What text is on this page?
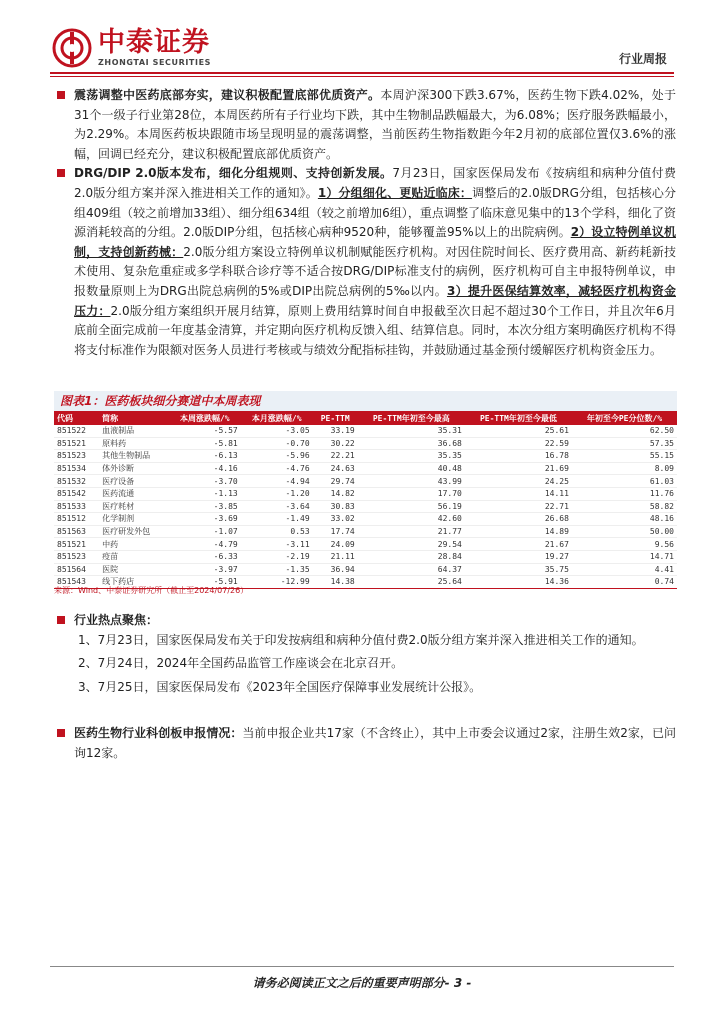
中泰证券
ZHONGTAI SECURITIES	行业周报

震荡调整中医药底部夯实，建议积极配置底部优质资产。本周沪深300下跌3.67%，医药生物下跌4.02%，处于31个一级子行业第28位，本周医药所有子行业均下跌，其中生物制品跌幅最大，为6.08%；医疗服务跌幅最小，为2.29%。本周医药板块跟随市场呈现明显的震荡调整，当前医药生物指数距今年2月初的底部位置仅3.6%的涨幅，回调已经充分，建议积极配置底部优质资产。

DRG/DIP 2.0版本发布，细化分组规则、支持创新发展。7月23日，国家医保局发布《按病组和病种分值付费2.0版分组方案并深入推进相关工作的通知》。1）分组细化、更贴近临床：调整后的2.0版DRG分组，包括核心分组409组（较之前增加33组）、细分组634组（较之前增加6组），重点调整了临床意见集中的13个学科，细化了资源消耗较高的分组。2.0版DIP分组，包括核心病种9520种，能够覆盖95%以上的出院病例。2）设立特例单议机制，支持创新药械：2.0版分组方案设立特例单议机制赋能医疗机构。对因住院时间长、医疗费用高、新药耗新技术使用、复杂危重症或多学科联合诊疗等不适合按DRG/DIP标准支付的病例，医疗机构可自主申报特例单议，申报数量原则上为DRG出院总病例的5%或DIP出院总病例的5‰以内。3）提升医保结算效率，减轻医疗机构资金压力：2.0版分组方案组织开展月结算，原则上费用结算时间自申报截至次日起不超过30个工作日，并且次年6月底前全面完成前一年度基金清算，并定期向医疗机构反馈入组、结算信息。同时，本次分组方案明确医疗机构不得将支付标准作为限额对医务人员进行考核或与绩效分配指标挂钩，并鼓励通过基金预付缓解医疗机构资金压力。

图表1：医药板块细分赛道中本周表现
代码	简称	本周涨跌幅/%	本月涨跌幅/%	PE-TTM	PE-TTM年初至今最高	PE-TTM年初至今最低	年初至今PE分位数/%
851522	血液制品	-5.57	-3.05	33.19	35.31	25.61	62.50
851521	原料药	-5.81	-0.70	30.22	36.68	22.59	57.35
851523	其他生物制品	-6.13	-5.96	22.21	35.35	16.78	55.15
851534	体外诊断	-4.16	-4.76	24.63	40.48	21.69	8.09
851532	医疗设备	-3.70	-4.94	29.74	43.99	24.25	61.03
851542	医药流通	-1.13	-1.20	14.82	17.70	14.11	11.76
851533	医疗耗材	-3.85	-3.64	30.83	56.19	22.71	58.82
851512	化学制剂	-3.69	-1.49	33.02	42.60	26.68	48.16
851563	医疗研发外包	-1.07	0.53	17.74	21.77	14.89	50.00
851521	中药	-4.79	-3.11	24.09	29.54	21.67	9.56
851523	疫苗	-6.33	-2.19	21.11	28.84	19.27	14.71
851564	医院	-3.97	-1.35	36.94	64.37	35.75	4.41
851543	线下药店	-5.91	-12.99	14.38	25.64	14.36	0.74
来源：Wind、中泰证券研究所（截止至2024/07/26）

行业热点聚焦：

1、7月23日，国家医保局发布关于印发按病组和病种分值付费2.0版分组方案并深入推进相关工作的通知。

2、7月24日，2024年全国药品监管工作座谈会在北京召开。

3、7月25日，国家医保局发布《2023年全国医疗保障事业发展统计公报》。

医药生物行业科创板申报情况：当前申报企业共17家（不含终止），其中上市委会议通过2家，注册生效2家，已问询12家。

请务必阅读正文之后的重要声明部分- 3 -
